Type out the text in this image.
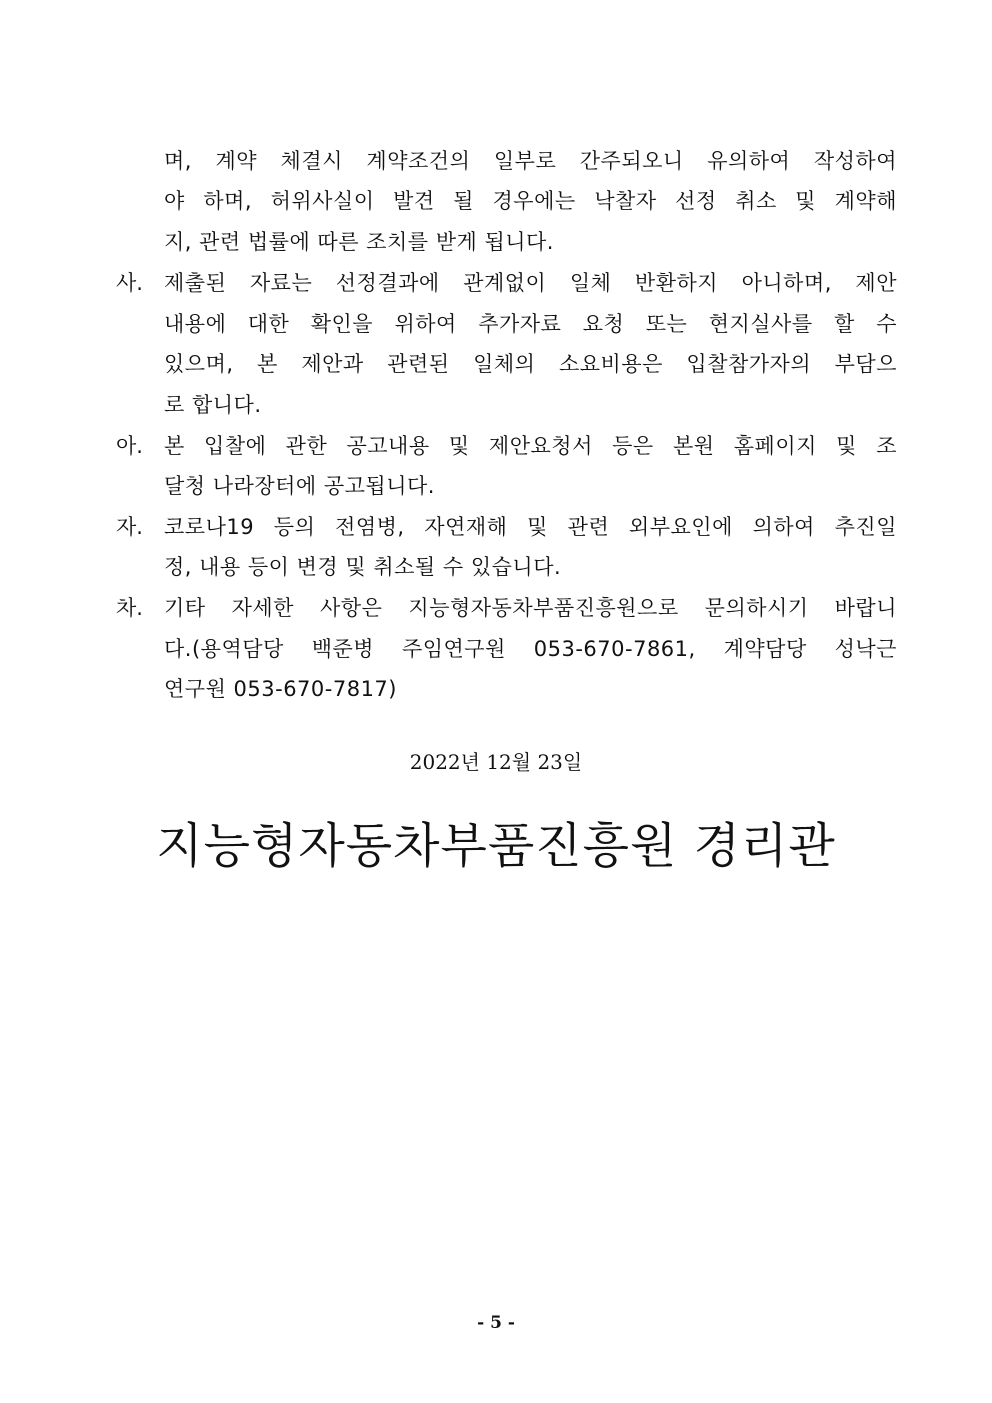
며, 계약 체결시 계약조건의 일부로 간주되오니 유의하여 작성하여
야 하며, 허위사실이 발견 될 경우에는 낙찰자 선정 취소 및 계약해
지, 관련 법률에 따른 조치를 받게 됩니다.
사. 제출된 자료는 선정결과에 관계없이 일체 반환하지 아니하며, 제안
내용에 대한 확인을 위하여 추가자료 요청 또는 현지실사를 할 수
있으며, 본 제안과 관련된 일체의 소요비용은 입찰참가자의 부담으
로 합니다.
아. 본 입찰에 관한 공고내용 및 제안요청서 등은 본원 홈페이지 및 조
달청 나라장터에 공고됩니다.
자. 코로나19 등의 전염병, 자연재해 및 관련 외부요인에 의하여 추진일
정, 내용 등이 변경 및 취소될 수 있습니다.
차. 기타 자세한 사항은 지능형자동차부품진흥원으로 문의하시기 바랍니
다.(용역담당 백준병 주임연구원 053-670-7861, 계약담당 성낙근
연구원 053-670-7817)
2022년 12월 23일
지능형자동차부품진흥원 경리관
- 5 -
